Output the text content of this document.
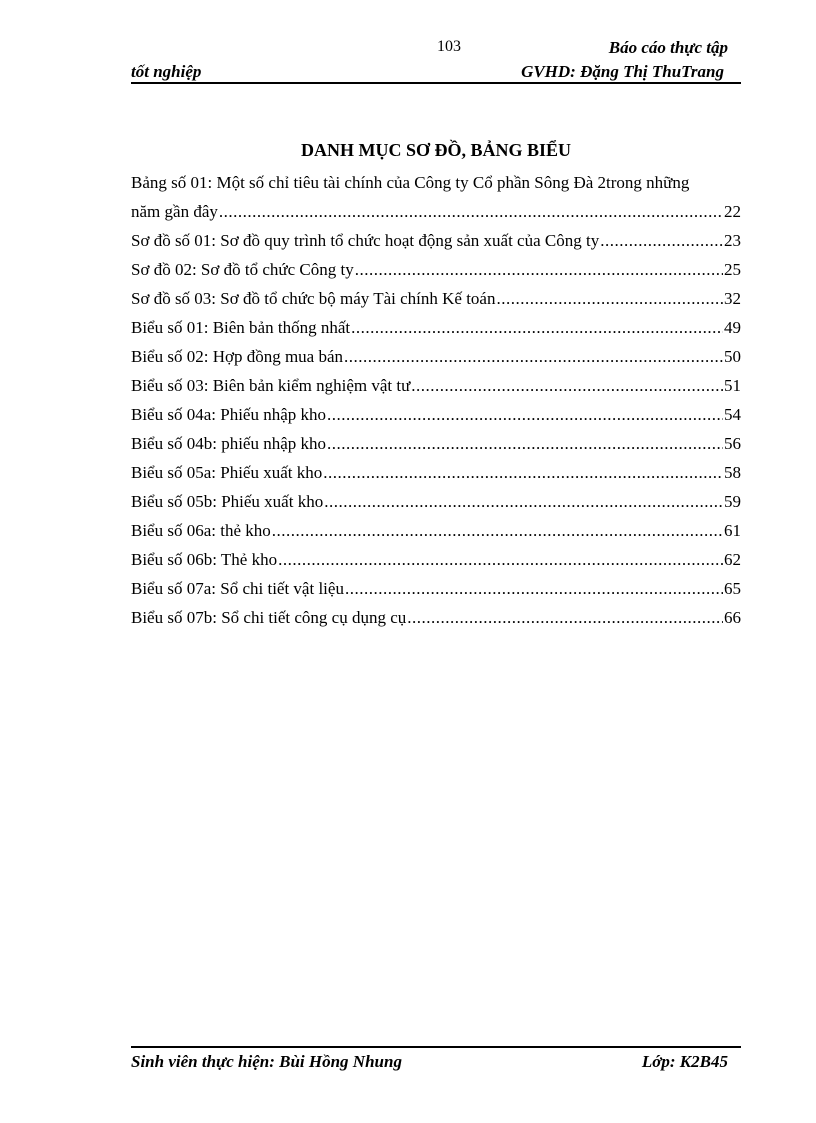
103	Báo cáo thực tập
tốt nghiệp	GVHD: Đặng Thị ThuTrang
DANH MỤC SƠ ĐỒ, BẢNG BIỂU
Bảng số 01: Một số chỉ tiêu tài chính của Công ty Cổ phần Sông Đà 2trong những
năm gần đây .....	22
Sơ đồ số 01: Sơ đồ quy trình tổ chức hoạt động sản xuất của Công ty .....	23
Sơ đồ 02: Sơ đồ tổ chức Công ty .....	25
Sơ đồ số 03: Sơ đồ tổ chức bộ máy Tài chính Kế toán .....	32
Biểu số 01: Biên bản thống nhất .....	49
Biểu số 02: Hợp đồng mua bán .....	50
Biểu số 03: Biên bản kiểm nghiệm vật tư .....	51
Biểu số 04a: Phiếu nhập kho .....	54
Biểu số 04b: phiếu nhập kho .....	56
Biểu số 05a: Phiếu xuất kho .....	58
Biểu số 05b: Phiếu xuất kho .....	59
Biểu số 06a: thẻ kho .....	61
Biểu số 06b: Thẻ kho .....	62
Biểu số 07a: Sổ chi tiết vật liệu .....	65
Biểu số 07b: Sổ chi tiết công cụ dụng cụ .....	66
Sinh viên thực hiện: Bùi Hồng Nhung	Lớp: K2B45
